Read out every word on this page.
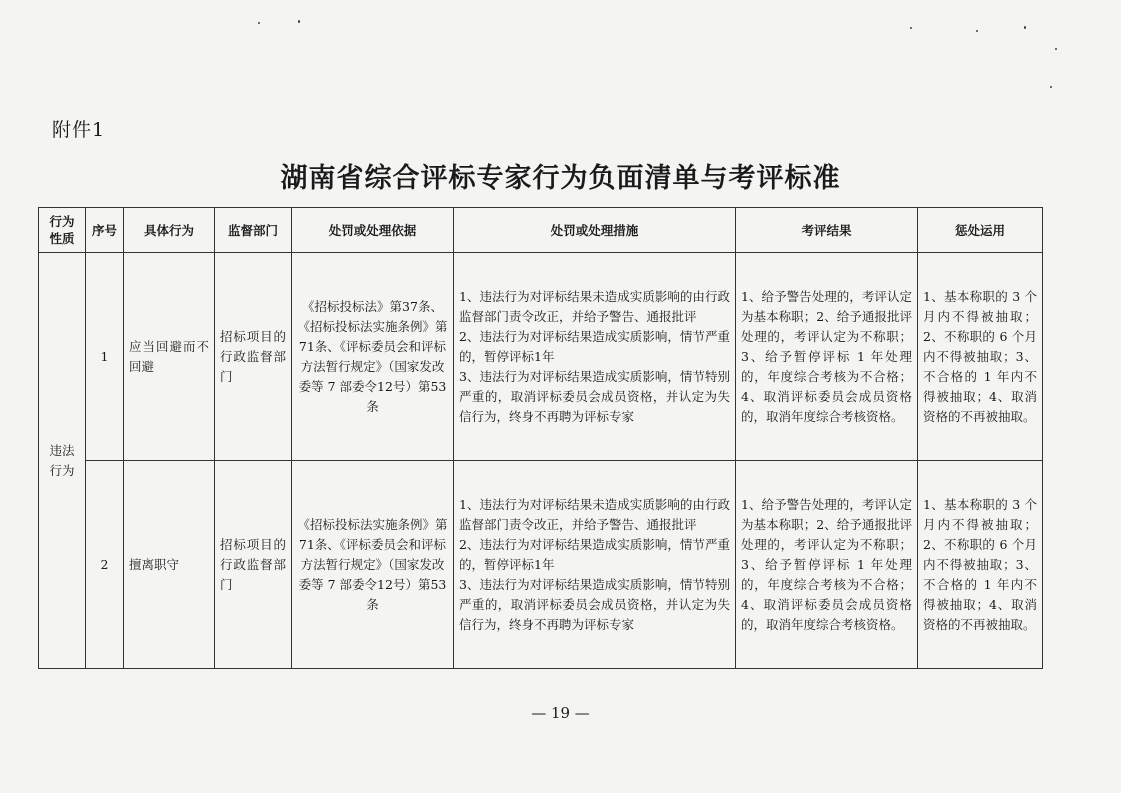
附件1
湖南省综合评标专家行为负面清单与考评标准
行为性质	序号	具体行为	监督部门	处罚或处理依据	处罚或处理措施	考评结果	惩处运用
违法行为	1	应当回避而不回避	招标项目的行政监督部门	《招标投标法》第37条、《招标投标法实施条例》第71条、《评标委员会和评标方法暂行规定》（国家发改委等 7 部委令12号）第53条	1、违法行为对评标结果未造成实质影响的由行政监督部门责令改正，并给予警告、通报批评
2、违法行为对评标结果造成实质影响，情节严重的，暂停评标1年
3、违法行为对评标结果造成实质影响，情节特别严重的，取消评标委员会成员资格，并认定为失信行为，终身不再聘为评标专家	1、给予警告处理的，考评认定为基本称职；2、给予通报批评处理的，考评认定为不称职；3、给予暂停评标 1 年处理的，年度综合考核为不合格；4、取消评标委员会成员资格的，取消年度综合考核资格。	1、基本称职的 3 个月内不得被抽取；2、不称职的 6 个月内不得被抽取；3、不合格的 1 年内不得被抽取；4、取消资格的不再被抽取。
	2	擅离职守	招标项目的行政监督部门	《招标投标法实施条例》第71条、《评标委员会和评标方法暂行规定》（国家发改委等 7 部委令12号）第53条	1、违法行为对评标结果未造成实质影响的由行政监督部门责令改正，并给予警告、通报批评
2、违法行为对评标结果造成实质影响，情节严重的，暂停评标1年
3、违法行为对评标结果造成实质影响，情节特别严重的，取消评标委员会成员资格，并认定为失信行为，终身不再聘为评标专家	1、给予警告处理的，考评认定为基本称职；2、给予通报批评处理的，考评认定为不称职；3、给予暂停评标 1 年处理的，年度综合考核为不合格；4、取消评标委员会成员资格的，取消年度综合考核资格。	1、基本称职的 3 个月内不得被抽取；2、不称职的 6 个月内不得被抽取；3、不合格的 1 年内不得被抽取；4、取消资格的不再被抽取。
— 19 —
